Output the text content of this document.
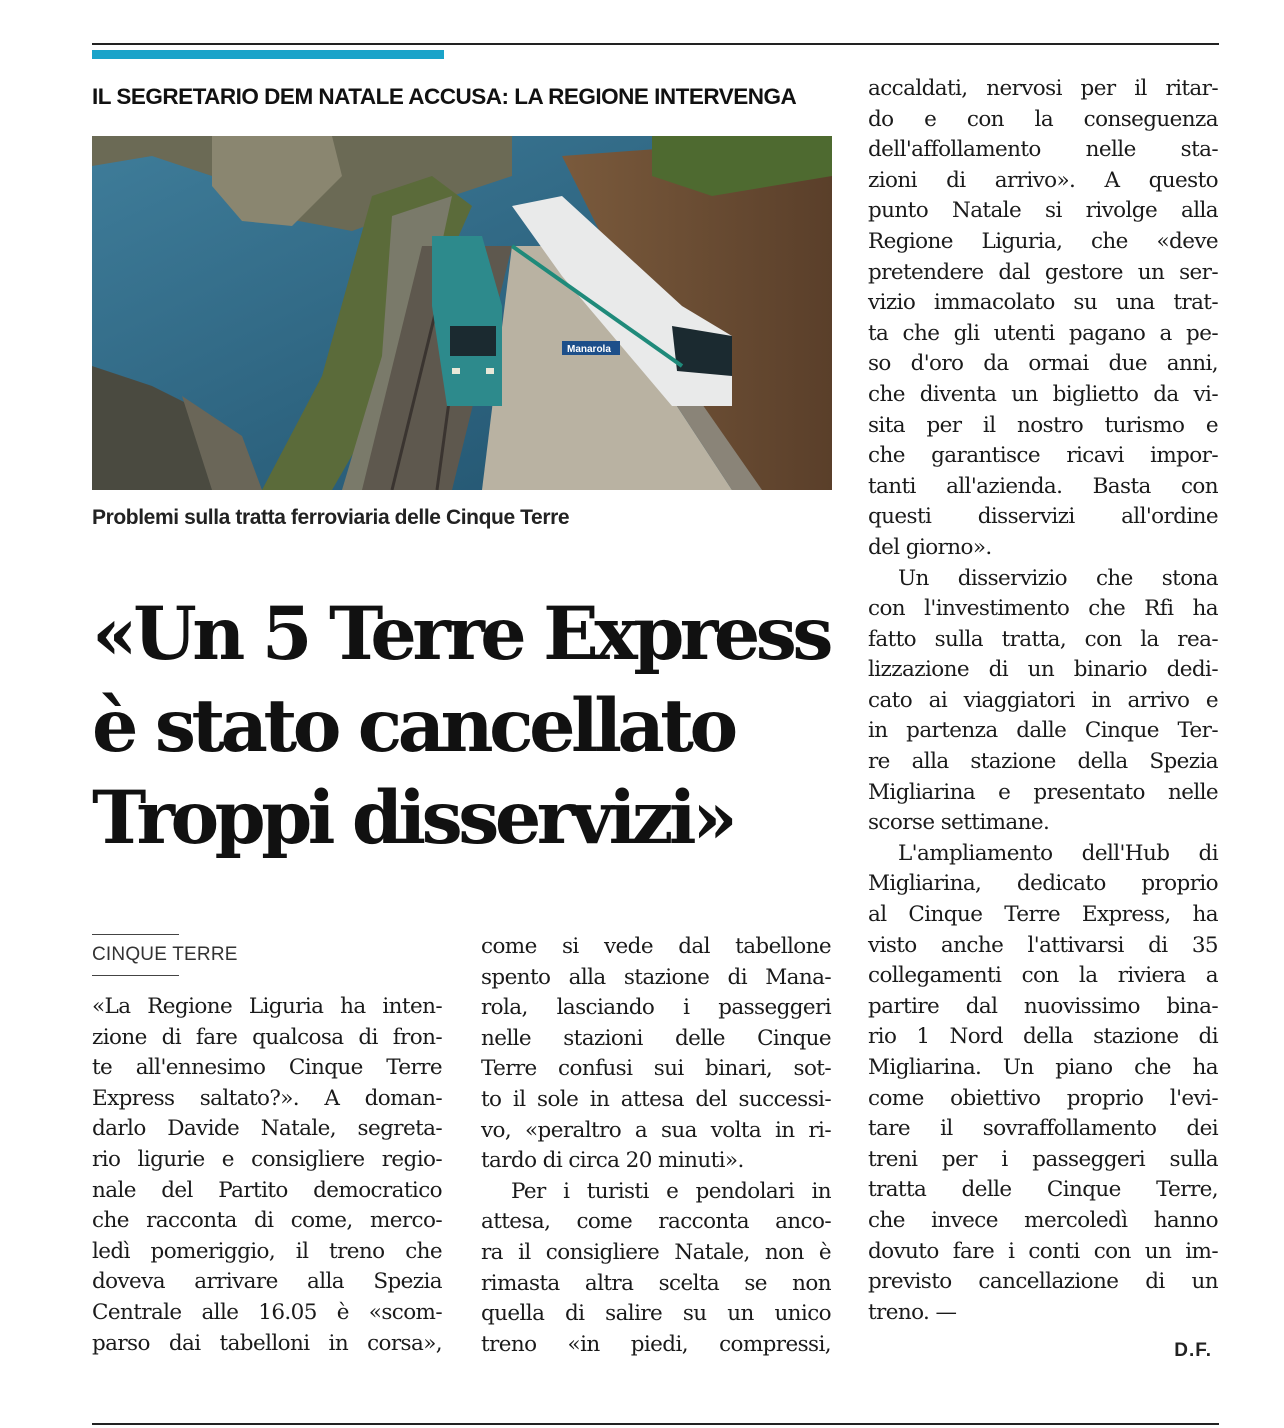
IL SEGRETARIO DEM NATALE ACCUSA: LA REGIONE INTERVENGA
Manarola
Problemi sulla tratta ferroviaria delle Cinque Terre
«Un 5 Terre Express
è stato cancellato
Troppi disservizi»
CINQUE TERRE
«La Regione Liguria ha inten-
zione di fare qualcosa di fron-
te all'ennesimo Cinque Terre
Express saltato?». A doman-
darlo Davide Natale, segreta-
rio ligurie e consigliere regio-
nale del Partito democratico
che racconta di come, merco-
ledì pomeriggio, il treno che
doveva arrivare alla Spezia
Centrale alle 16.05 è «scom-
parso dai tabelloni in corsa»,
come si vede dal tabellone
spento alla stazione di Mana-
rola, lasciando i passeggeri
nelle stazioni delle Cinque
Terre confusi sui binari, sot-
to il sole in attesa del successi-
vo, «peraltro a sua volta in ri-
tardo di circa 20 minuti».
Per i turisti e pendolari in
attesa, come racconta anco-
ra il consigliere Natale, non è
rimasta altra scelta se non
quella di salire su un unico
treno «in piedi, compressi,
accaldati, nervosi per il ritar-
do e con la conseguenza
dell'affollamento nelle sta-
zioni di arrivo». A questo
punto Natale si rivolge alla
Regione Liguria, che «deve
pretendere dal gestore un ser-
vizio immacolato su una trat-
ta che gli utenti pagano a pe-
so d'oro da ormai due anni,
che diventa un biglietto da vi-
sita per il nostro turismo e
che garantisce ricavi impor-
tanti all'azienda. Basta con
questi disservizi all'ordine
del giorno».
Un disservizio che stona
con l'investimento che Rfi ha
fatto sulla tratta, con la rea-
lizzazione di un binario dedi-
cato ai viaggiatori in arrivo e
in partenza dalle Cinque Ter-
re alla stazione della Spezia
Migliarina e presentato nelle
scorse settimane.
L'ampliamento dell'Hub di
Migliarina, dedicato proprio
al Cinque Terre Express, ha
visto anche l'attivarsi di 35
collegamenti con la riviera a
partire dal nuovissimo bina-
rio 1 Nord della stazione di
Migliarina. Un piano che ha
come obiettivo proprio l'evi-
tare il sovraffollamento dei
treni per i passeggeri sulla
tratta delle Cinque Terre,
che invece mercoledì hanno
dovuto fare i conti con un im-
previsto cancellazione di un
treno. —
D.F.
